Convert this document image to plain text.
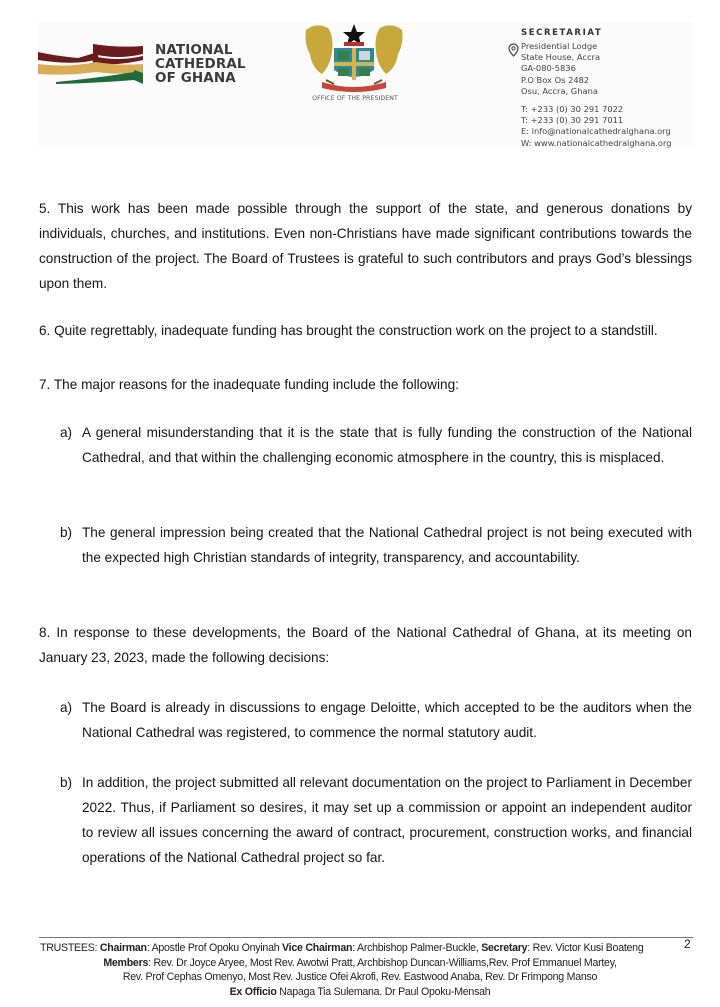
NATIONAL
CATHEDRAL
OF GHANA
OFFICE OF THE PRESIDENT
SECRETARIAT
Presidential Lodge
State House, Accra
GA-080-5836
P.O Box Os 2482
Osu, Accra, Ghana
T: +233 (0) 30 291 7022
T: +233 (0) 30 291 7011
E: info@nationalcathedralghana.org
W: www.nationalcathedralghana.org
5. This work has been made possible through the support of the state, and generous donations by individuals, churches, and institutions. Even non-Christians have made significant contributions towards the construction of the project. The Board of Trustees is grateful to such contributors and prays God’s blessings upon them.
6. Quite regrettably, inadequate funding has brought the construction work on the project to a standstill.
7. The major reasons for the inadequate funding include the following:
a) A general misunderstanding that it is the state that is fully funding the construction of the National Cathedral, and that within the challenging economic atmosphere in the country, this is misplaced.
b) The general impression being created that the National Cathedral project is not being executed with the expected high Christian standards of integrity, transparency, and accountability.
8. In response to these developments, the Board of the National Cathedral of Ghana, at its meeting on January 23, 2023, made the following decisions:
a) The Board is already in discussions to engage Deloitte, which accepted to be the auditors when the National Cathedral was registered, to commence the normal statutory audit.
b) In addition, the project submitted all relevant documentation on the project to Parliament in December 2022. Thus, if Parliament so desires, it may set up a commission or appoint an independent auditor to review all issues concerning the award of contract, procurement, construction works, and financial operations of the National Cathedral project so far.
2
TRUSTEES: Chairman: Apostle Prof Opoku Onyinah Vice Chairman: Archbishop Palmer-Buckle, Secretary: Rev. Victor Kusi Boateng
Members: Rev. Dr Joyce Aryee, Most Rev. Awotwi Pratt, Archbishop Duncan-Williams,Rev. Prof Emmanuel Martey,
Rev. Prof Cephas Omenyo, Most Rev. Justice Ofei Akrofi, Rev. Eastwood Anaba, Rev. Dr Frimpong Manso
Ex Officio Napaga Tia Sulemana. Dr Paul Opoku-Mensah
